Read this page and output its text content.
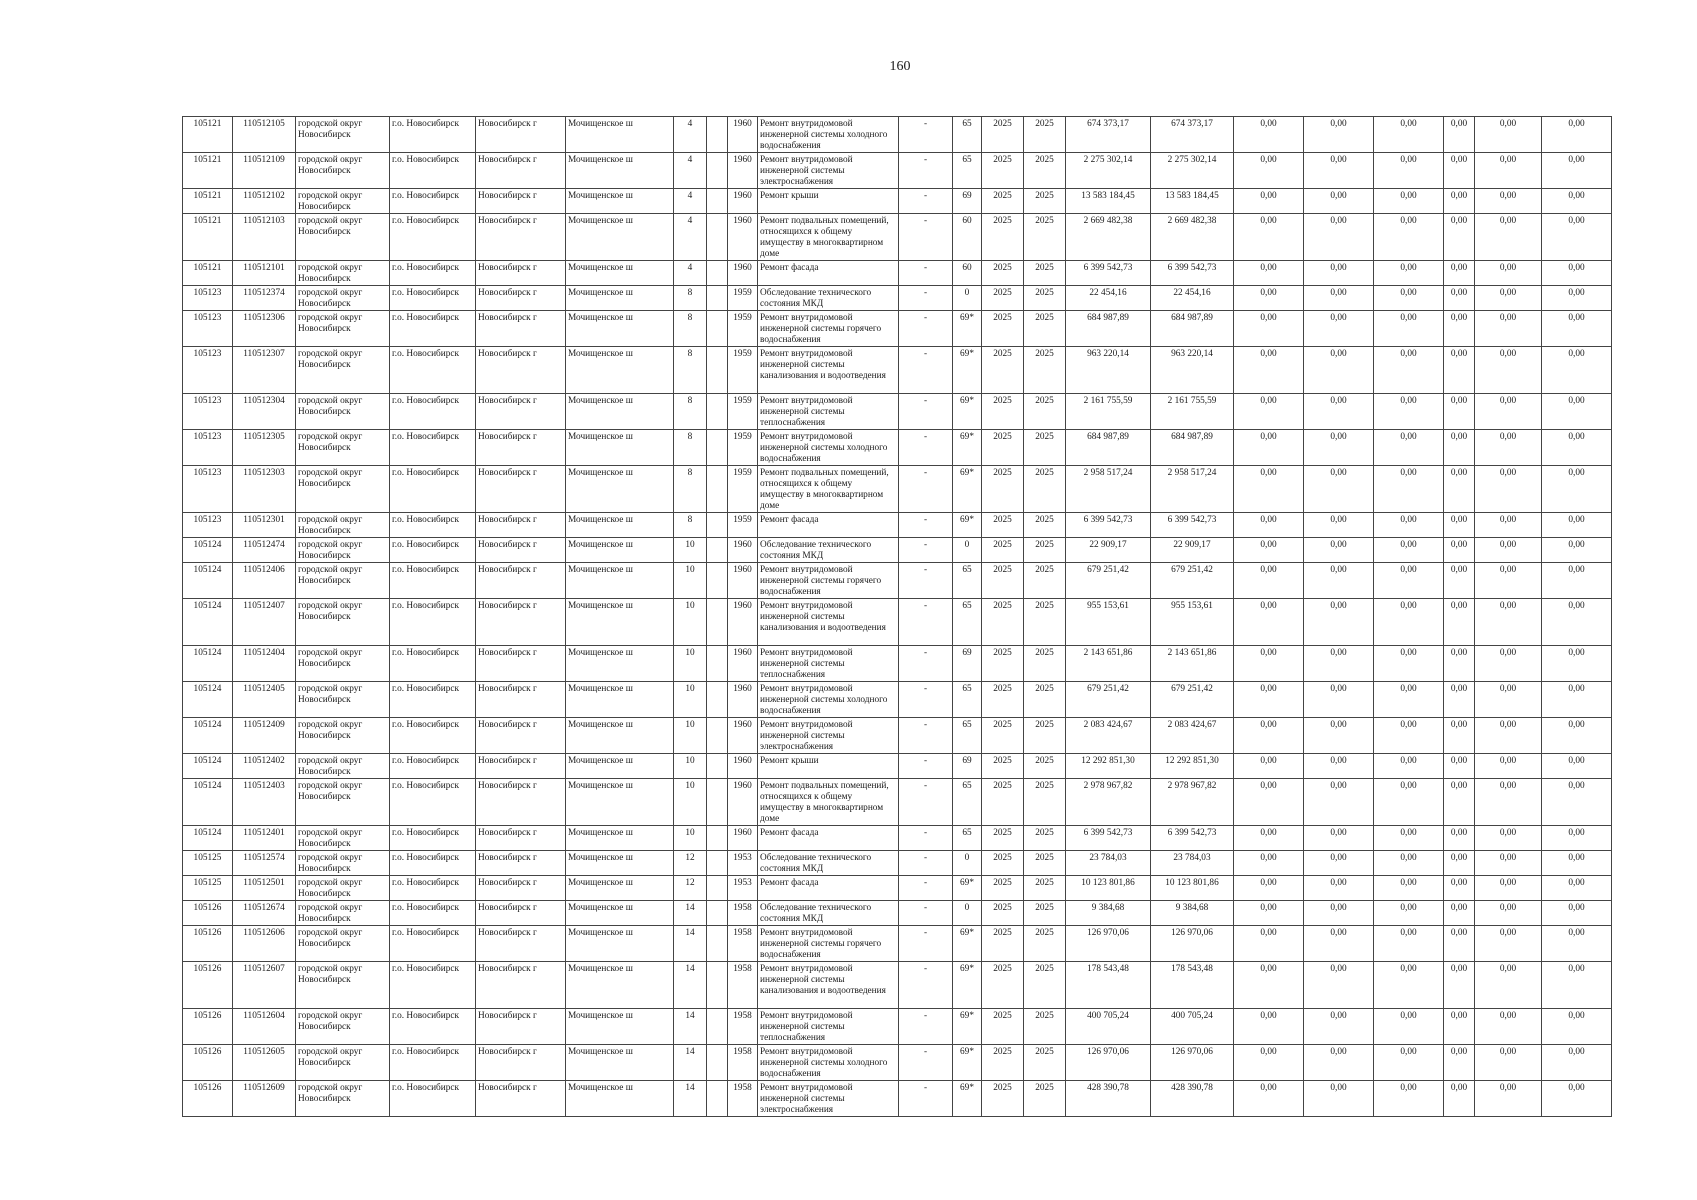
160
105121	110512105	городской округ Новосибирск	г.о. Новосибирск	Новосибирск г	Мочищенское ш	4		1960	Ремонт внутридомовой инженерной системы холодного водоснабжения	-	65	2025	2025	674 373,17	674 373,17	0,00	0,00	0,00	0,00	0,00	0,00
105121	110512109	городской округ Новосибирск	г.о. Новосибирск	Новосибирск г	Мочищенское ш	4		1960	Ремонт внутридомовой инженерной системы электроснабжения	-	65	2025	2025	2 275 302,14	2 275 302,14	0,00	0,00	0,00	0,00	0,00	0,00
105121	110512102	городской округ Новосибирск	г.о. Новосибирск	Новосибирск г	Мочищенское ш	4		1960	Ремонт крыши	-	69	2025	2025	13 583 184,45	13 583 184,45	0,00	0,00	0,00	0,00	0,00	0,00
105121	110512103	городской округ Новосибирск	г.о. Новосибирск	Новосибирск г	Мочищенское ш	4		1960	Ремонт подвальных помещений, относящихся к общему имуществу в многоквартирном доме	-	60	2025	2025	2 669 482,38	2 669 482,38	0,00	0,00	0,00	0,00	0,00	0,00
105121	110512101	городской округ Новосибирск	г.о. Новосибирск	Новосибирск г	Мочищенское ш	4		1960	Ремонт фасада	-	60	2025	2025	6 399 542,73	6 399 542,73	0,00	0,00	0,00	0,00	0,00	0,00
105123	110512374	городской округ Новосибирск	г.о. Новосибирск	Новосибирск г	Мочищенское ш	8		1959	Обследование технического состояния МКД	-	0	2025	2025	22 454,16	22 454,16	0,00	0,00	0,00	0,00	0,00	0,00
105123	110512306	городской округ Новосибирск	г.о. Новосибирск	Новосибирск г	Мочищенское ш	8		1959	Ремонт внутридомовой инженерной системы горячего водоснабжения	-	69*	2025	2025	684 987,89	684 987,89	0,00	0,00	0,00	0,00	0,00	0,00
105123	110512307	городской округ Новосибирск	г.о. Новосибирск	Новосибирск г	Мочищенское ш	8		1959	Ремонт внутридомовой инженерной системы канализования и водоотведения	-	69*	2025	2025	963 220,14	963 220,14	0,00	0,00	0,00	0,00	0,00	0,00
105123	110512304	городской округ Новосибирск	г.о. Новосибирск	Новосибирск г	Мочищенское ш	8		1959	Ремонт внутридомовой инженерной системы теплоснабжения	-	69*	2025	2025	2 161 755,59	2 161 755,59	0,00	0,00	0,00	0,00	0,00	0,00
105123	110512305	городской округ Новосибирск	г.о. Новосибирск	Новосибирск г	Мочищенское ш	8		1959	Ремонт внутридомовой инженерной системы холодного водоснабжения	-	69*	2025	2025	684 987,89	684 987,89	0,00	0,00	0,00	0,00	0,00	0,00
105123	110512303	городской округ Новосибирск	г.о. Новосибирск	Новосибирск г	Мочищенское ш	8		1959	Ремонт подвальных помещений, относящихся к общему имуществу в многоквартирном доме	-	69*	2025	2025	2 958 517,24	2 958 517,24	0,00	0,00	0,00	0,00	0,00	0,00
105123	110512301	городской округ Новосибирск	г.о. Новосибирск	Новосибирск г	Мочищенское ш	8		1959	Ремонт фасада	-	69*	2025	2025	6 399 542,73	6 399 542,73	0,00	0,00	0,00	0,00	0,00	0,00
105124	110512474	городской округ Новосибирск	г.о. Новосибирск	Новосибирск г	Мочищенское ш	10		1960	Обследование технического состояния МКД	-	0	2025	2025	22 909,17	22 909,17	0,00	0,00	0,00	0,00	0,00	0,00
105124	110512406	городской округ Новосибирск	г.о. Новосибирск	Новосибирск г	Мочищенское ш	10		1960	Ремонт внутридомовой инженерной системы горячего водоснабжения	-	65	2025	2025	679 251,42	679 251,42	0,00	0,00	0,00	0,00	0,00	0,00
105124	110512407	городской округ Новосибирск	г.о. Новосибирск	Новосибирск г	Мочищенское ш	10		1960	Ремонт внутридомовой инженерной системы канализования и водоотведения	-	65	2025	2025	955 153,61	955 153,61	0,00	0,00	0,00	0,00	0,00	0,00
105124	110512404	городской округ Новосибирск	г.о. Новосибирск	Новосибирск г	Мочищенское ш	10		1960	Ремонт внутридомовой инженерной системы теплоснабжения	-	69	2025	2025	2 143 651,86	2 143 651,86	0,00	0,00	0,00	0,00	0,00	0,00
105124	110512405	городской округ Новосибирск	г.о. Новосибирск	Новосибирск г	Мочищенское ш	10		1960	Ремонт внутридомовой инженерной системы холодного водоснабжения	-	65	2025	2025	679 251,42	679 251,42	0,00	0,00	0,00	0,00	0,00	0,00
105124	110512409	городской округ Новосибирск	г.о. Новосибирск	Новосибирск г	Мочищенское ш	10		1960	Ремонт внутридомовой инженерной системы электроснабжения	-	65	2025	2025	2 083 424,67	2 083 424,67	0,00	0,00	0,00	0,00	0,00	0,00
105124	110512402	городской округ Новосибирск	г.о. Новосибирск	Новосибирск г	Мочищенское ш	10		1960	Ремонт крыши	-	69	2025	2025	12 292 851,30	12 292 851,30	0,00	0,00	0,00	0,00	0,00	0,00
105124	110512403	городской округ Новосибирск	г.о. Новосибирск	Новосибирск г	Мочищенское ш	10		1960	Ремонт подвальных помещений, относящихся к общему имуществу в многоквартирном доме	-	65	2025	2025	2 978 967,82	2 978 967,82	0,00	0,00	0,00	0,00	0,00	0,00
105124	110512401	городской округ Новосибирск	г.о. Новосибирск	Новосибирск г	Мочищенское ш	10		1960	Ремонт фасада	-	65	2025	2025	6 399 542,73	6 399 542,73	0,00	0,00	0,00	0,00	0,00	0,00
105125	110512574	городской округ Новосибирск	г.о. Новосибирск	Новосибирск г	Мочищенское ш	12		1953	Обследование технического состояния МКД	-	0	2025	2025	23 784,03	23 784,03	0,00	0,00	0,00	0,00	0,00	0,00
105125	110512501	городской округ Новосибирск	г.о. Новосибирск	Новосибирск г	Мочищенское ш	12		1953	Ремонт фасада	-	69*	2025	2025	10 123 801,86	10 123 801,86	0,00	0,00	0,00	0,00	0,00	0,00
105126	110512674	городской округ Новосибирск	г.о. Новосибирск	Новосибирск г	Мочищенское ш	14		1958	Обследование технического состояния МКД	-	0	2025	2025	9 384,68	9 384,68	0,00	0,00	0,00	0,00	0,00	0,00
105126	110512606	городской округ Новосибирск	г.о. Новосибирск	Новосибирск г	Мочищенское ш	14		1958	Ремонт внутридомовой инженерной системы горячего водоснабжения	-	69*	2025	2025	126 970,06	126 970,06	0,00	0,00	0,00	0,00	0,00	0,00
105126	110512607	городской округ Новосибирск	г.о. Новосибирск	Новосибирск г	Мочищенское ш	14		1958	Ремонт внутридомовой инженерной системы канализования и водоотведения	-	69*	2025	2025	178 543,48	178 543,48	0,00	0,00	0,00	0,00	0,00	0,00
105126	110512604	городской округ Новосибирск	г.о. Новосибирск	Новосибирск г	Мочищенское ш	14		1958	Ремонт внутридомовой инженерной системы теплоснабжения	-	69*	2025	2025	400 705,24	400 705,24	0,00	0,00	0,00	0,00	0,00	0,00
105126	110512605	городской округ Новосибирск	г.о. Новосибирск	Новосибирск г	Мочищенское ш	14		1958	Ремонт внутридомовой инженерной системы холодного водоснабжения	-	69*	2025	2025	126 970,06	126 970,06	0,00	0,00	0,00	0,00	0,00	0,00
105126	110512609	городской округ Новосибирск	г.о. Новосибирск	Новосибирск г	Мочищенское ш	14		1958	Ремонт внутридомовой инженерной системы электроснабжения	-	69*	2025	2025	428 390,78	428 390,78	0,00	0,00	0,00	0,00	0,00	0,00
